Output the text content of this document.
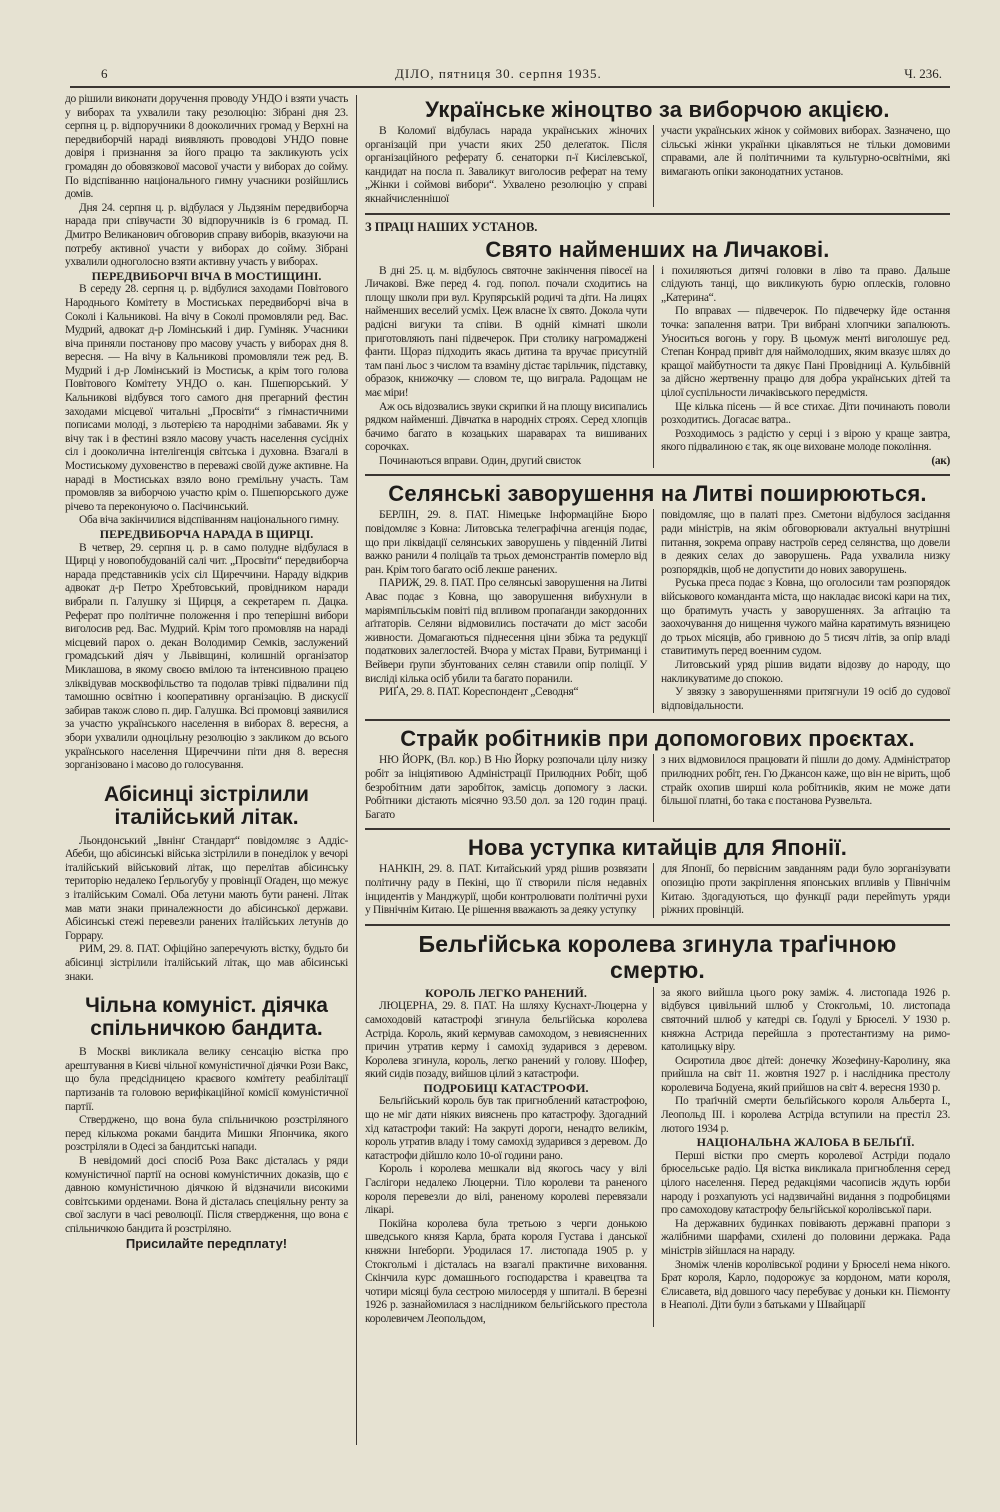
6	ДІЛО, пятниця 30. серпня 1935.	Ч. 236.

до рішили виконати доручення проводу УНДО і взяти участь у виборах та ухвалили таку резолюцію: Зібрані дня 23. серпня ц. р. відпоручники 8 дооколичних громад у Верхні на передвиборчій нараді виявляють проводові УНДО повне довіря і признання за його працю та закликують усіх громадян до обовязкової масової участи у виборах до сойму. По відспіванню національного гимну учасники розійшлись домів.

Дня 24. серпня ц. р. відбулася у Льдзянім передвиборча нарада при співучасти 30 відпоручників із 6 громад. П. Дмитро Великанович обговорив справу виборів, вказуючи на потребу активної участи у виборах до сойму. Зібрані ухвалили одноголосно взяти активну участь у виборах.

ПЕРЕДВИБОРЧІ ВІЧА В МОСТИЩИНІ.

В середу 28. серпня ц. р. відбулися заходами Повітового Народнього Комітету в Мостиськах передвиборчі віча в Соколі і Кальникові. На вічу в Соколі промовляли ред. Вас. Мудрий, адвокат д-р Ломінський і дир. Гуміняк. Учасники віча приняли постанову про масову участь у виборах дня 8. вересня. — На вічу в Кальникові промовляли теж ред. В. Мудрий і д-р Ломінський із Мостиськ, а крім того голова Повітового Комітету УНДО о. кан. Пшепюрський. У Кальникові відбувся того самого дня прегарний фестин заходами місцевої читальні „Просвіти“ з гімнастичними пописами молоді, з льотерією та народніми забавами. Як у вічу так і в фестині взяло масову участь населення сусідніх сіл і дооколична інтелігенція світська і духовна. Взагалі в Мостиському духовенство в переважі своїй дуже активне. На нараді в Мостиськах взяло воно гремільну участь. Там промовляв за виборчою участю крім о. Пшепюрського дуже річево та переконуючо о. Пасічинський.

Оба віча закінчилися відспіванням національного гимну.

ПЕРЕДВИБОРЧА НАРАДА В ЩИРЦІ.

В четвер, 29. серпня ц. р. в само полудне відбулася в Щирці у новопобудованій салі чит. „Просвіти“ передвиборча нарада представників усіх сіл Щиреччини. Нараду відкрив адвокат д-р Петро Хребтовський, провідником наради вибрали п. Галушку зі Щирця, а секретарем п. Дацка. Реферат про політичне положення і про теперішні вибори виголосив ред. Вас. Мудрий. Крім того промовляв на нараді місцевий парох о. декан Володимир Семків, заслужений громадський діяч у Львівщині, колишній організатор Миклашова, в якому своєю вмілою та інтенсивною працею зліквідував москвофільство та подолав трівкі підвалини під тамошню освітню і кооперативну організацію. В дискусії забирав також слово п. дир. Галушка. Всі промовці заявилися за участю українського населення в виборах 8. вересня, а збори ухвалили одноцільну резолюцію з закликом до всього українського населення Щиреччини піти дня 8. вересня зорганізовано і масово до голосування.

Абісинці зістрілили італійський літак.

Льондонський „Івнінґ Стандарт“ повідомляє з Аддіс-Абеби, що абісинські війська зістрілили в понеділок у вечорі італійський військовий літак, що перелітав абісинську територію недалеко Ґерльоґубу у провінції Оґаден, що межує з італійським Сомалі. Оба летуни мають бути ранені. Літак мав мати знаки приналежности до абісинської держави. Абісинські стежі перевезли ранених італійських летунів до Горрару.

РИМ, 29. 8. ПАТ. Офіційно заперечують вістку, будьто би абісинці зістрілили італійський літак, що мав абісинські знаки.

Чільна комуніст. діячка спільничкою бандита.

В Москві викликала велику сенсацію вістка про арештування в Києві чільної комуністичної діячки Рози Вакс, що була предсідницею краєвого комітету реабілітації партизанів та головою верифікаційної комісії комуністичної партії.

Стверджено, що вона була спільничкою розстріляного перед кількома роками бандита Мишки Япончика, якого розстріляли в Одесі за бандитські напади.

В невідомий досі спосіб Роза Вакс дісталась у ряди комуністичної партії на основі комуністичних доказів, що є давною комуністичною діячкою й відзначили високими совітськими орденами. Вона й дісталась спеціяльну ренту за свої заслуги в часі революції. Після ствердження, що вона є спільничкою бандита й розстріляно.

Присилайте передплату!

Українське жіноцтво за виборчою акцією.

В Коломиї відбулась нарада українських жіночих організацій при участи яких 250 делеґаток. Після організаційного реферату б. сенаторки п-ї Кисілевської, кандидат на посла п. Заваликут виголосив реферат на тему „Жінки і соймові вибори“. Ухвалено резолюцію у справі якнайчисленнішої

участи українських жінок у соймових виборах. Зазначено, що сільські жінки українки цікавляться не тільки домовими справами, але й політичними та культурно-освітніми, які вимагають опіки законодатних установ.

З ПРАЦІ НАШИХ УСТАНОВ.
Свято найменших на Личакові.

В дні 25. ц. м. відбулось святочне закінчення півосеї на Личакові. Вже перед 4. год. попол. почали сходитись на площу школи при вул. Крупярській родичі та діти. На лицях найменших веселий усміх. Цеж власне їх свято. Докола чути радісні вигуки та співи. В одній кімнаті школи приготовляють пані підвечерок. При столику нагромаджені фанти. Щораз підходить якась дитина та вручає присутній там пані льос з числом та взаміну дістає тарільчик, підставку, образок, книжочку — словом те, що виграла. Радощам не має міри!

Аж ось відозвались звуки скрипки й на площу висипались рядком найменші. Дівчатка в народніх строях. Серед хлопців бачимо багато в козацьких шараварах та вишиваних сорочках.

Починаються вправи. Один, другий свисток

і похиляються дитячі головки в ліво та право. Дальше слідують танці, що викликують бурю оплесків, головно „Катерина“.

По вправах — підвечерок. По підвечерку йде остання точка: запалення ватри. Три вибрані хлопчики запалюють. Уноситься вогонь у гору. В цьомуж менті виголошує ред. Степан Конрад привіт для наймолодших, яким вказує шлях до кращої майбутности та дякує Пані Провідниці А. Кульбівній за дійсно жертвенну працю для добра українських дітей та цілої суспільности личаківського передмістя.

Ще кілька пісень — й все стихає. Діти починають поволи розходитись. Догасає ватра..

Розходимось з радістю у серці і з вірою у краще завтра, якого підвалиною є так, як оце виховане молоде покоління.
(ак)

Селянські заворушення на Литві поширюються.

БЕРЛІН, 29. 8. ПАТ. Німецьке Інформаційне Бюро повідомляє з Ковна: Литовська телеграфічна агенція подає, що при ліквідації селянських заворушень у південній Литві важко ранили 4 поліцаїв та трьох демонстрантів померло від ран. Крім того багато осіб лекше ранених.

ПАРИЖ, 29. 8. ПАТ. Про селянські заворушення на Литві Авас подає з Ковна, що заворушення вибухнули в маріямпільськім повіті під впливом пропаґанди закордонних аґітаторів. Селяни відмовились постачати до міст засоби живности. Домагаються піднесення ціни збіжа та редукції податкових залеглостей. Вчора у містах Прави, Бутриманці і Вейвери ґрупи збунтованих селян ставили опір поліції. У висліді кілька осіб убили та багато поранили.

РИҐА, 29. 8. ПАТ. Кореспондент „Севодня“

повідомляє, що в палаті през. Сметони відбулося засідання ради міністрів, на якім обговорювали актуальні внутрішні питання, зокрема оправу настроїв серед селянства, що довели в деяких селах до заворушень. Рада ухвалила низку розпорядків, щоб не допустити до нових заворушень.

Руська преса подає з Ковна, що оголосили там розпорядок військового команданта міста, що накладає високі кари на тих, що братимуть участь у заворушеннях. За аґітацію та заохочування до нищення чужого майна каратимуть вязницею до трьох місяців, або гривною до 5 тисяч літів, за опір владі ставитимуть перед военним судом.

Литовський уряд рішив видати відозву до народу, що накликуватиме до спокою.

У звязку з заворушеннями притягнули 19 осіб до судової відповідальности.

Страйк робітників при допомогових проєктах.

НЮ ЙОРК, (Вл. кор.) В Ню Йорку розпочали цілу низку робіт за ініціятивою Адміністрації Прилюдних Робіт, щоб безробітним дати заробіток, замісць допомогу з ласки. Робітники дістають місячно 93.50 дол. за 120 годин праці. Багато

з них відмовилося працювати й пішли до дому. Адміністратор прилюдних робіт, ґен. Гю Джансон каже, що він не вірить, щоб страйк охопив ширші кола робітників, яким не може дати більшої платні, бо така є постанова Рузвельта.

Нова уступка китайців для Японії.

НАНКІН, 29. 8. ПАТ. Китайський уряд рішив розвязати політичну раду в Пекіні, що її створили після недавніх інцидентів у Манджурії, щоби контролювати політичні рухи у Північнім Китаю. Це рішення вважають за деяку уступку

для Японії, бо первісним завданням ради було зорганізувати опозицію проти закріплення японських впливів у Північнім Китаю. Здогадуються, що функції ради перейmуть уряди ріжних провінцій.

Бельґійська королева згинула траґічною смертю.

КОРОЛЬ ЛЕГКО РАНЕНИЙ.

ЛЮЦЕРНА, 29. 8. ПАТ. На шляху Куснахт-Люцерна у самоходовій катастрофі згинула бельгійська королева Астріда. Король, який кермував самоходом, з невиясненних причин утратив керму і самохід зударився з деревом. Королева згинула, король, легко ранений у голову. Шофер, який сидів позаду, вийшов цілий з катастрофи.

ПОДРОБИЦІ КАТАСТРОФИ.

Бельґійський король був так пригноблений катастрофою, що не міг дати ніяких вияснень про катастрофу. Здогадний хід катастрофи такий: На закруті дороги, ненадто великім, король утратив владу і тому самохід зударився з деревом. До катастрофи дійшло коло 10-ої години рано.

Король і королева мешкали від якогось часу у вілі Гаслігори недалеко Люцерни. Тіло королеви та раненого короля перевезли до вілі, раненому королеві перевязали лікарі.

Покійна королева була третьою з черги донькою шведського князя Карла, брата короля Густава і данської княжни Інґеборґи. Уродилася 17. листопада 1905 р. у Стокгольмі і дісталась на взагалі практичне виховання. Скінчила курс домашнього господарства і кравецтва та чотири місяці була сестрою милосердя у шпиталі. В березні 1926 р. зазнайомилася з наслідником бельгійського престола королевичем Леопольдом,

за якого вийшла цього року заміж. 4. листопада 1926 р. відбувся цивільний шлюб у Стокгольмі, 10. листопада святочний шлюб у катедрі св. Ґодулі у Брюселі. У 1930 р. княжна Астрида перейшла з протестантизму на римо-католицьку віру.

Осиротила двоє дітей: донечку Жозефину-Каролину, яка прийшла на світ 11. жовтня 1927 р. і наслідника престолу королевича Бодуена, який прийшов на світ 4. вересня 1930 р.

По траґічній смерти бельґійського короля Альберта I., Леопольд III. і королева Астріда вступили на престіл 23. лютого 1934 р.

НАЦІОНАЛЬНА ЖАЛОБА В БЕЛЬҐІЇ.

Перші вістки про смерть королевої Астріди подало брюсельське радіо. Ця вістка викликала пригноблення серед цілого населення. Перед редакціями часописів ждуть юрби народу і розхапують усі надзвичайні видання з подробицями про самоходову катастрофу бельгійської королівської пари.

На державних будинках повівають державні прапори з жалібними шарфами, схилені до половини держака. Рада міністрів зійшлася на нараду.

Зноміж членів королівської родини у Брюселі нема нікого. Брат короля, Карло, подорожує за кордоном, мати короля, Єлисавета, від довшого часу перебуває у доньки кн. Піємонту в Неаполі. Діти були з батьками у Швайцарії
